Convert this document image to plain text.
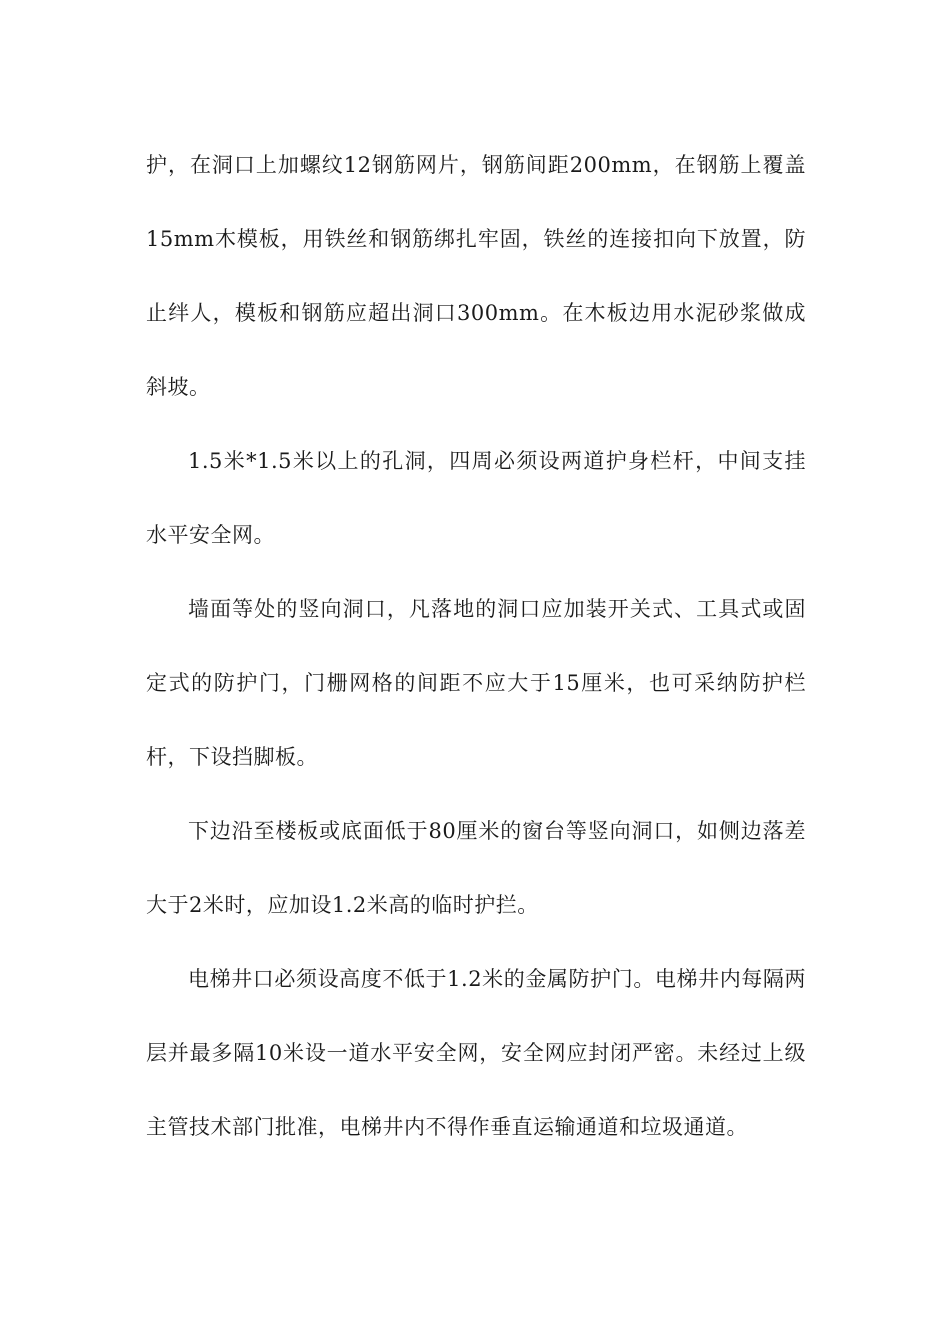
护，在洞口上加螺纹12钢筋网片，钢筋间距200mm，在钢筋上覆盖15mm木模板，用铁丝和钢筋绑扎牢固，铁丝的连接扣向下放置，防止绊人，模板和钢筋应超出洞口300mm。在木板边用水泥砂浆做成斜坡。

1.5米*1.5米以上的孔洞，四周必须设两道护身栏杆，中间支挂水平安全网。

墙面等处的竖向洞口，凡落地的洞口应加装开关式、工具式或固定式的防护门，门栅网格的间距不应大于15厘米，也可采纳防护栏杆，下设挡脚板。

下边沿至楼板或底面低于80厘米的窗台等竖向洞口，如侧边落差大于2米时，应加设1.2米高的临时护拦。

电梯井口必须设高度不低于1.2米的金属防护门。电梯井内每隔两层并最多隔10米设一道水平安全网，安全网应封闭严密。未经过上级主管技术部门批准，电梯井内不得作垂直运输通道和垃圾通道。
